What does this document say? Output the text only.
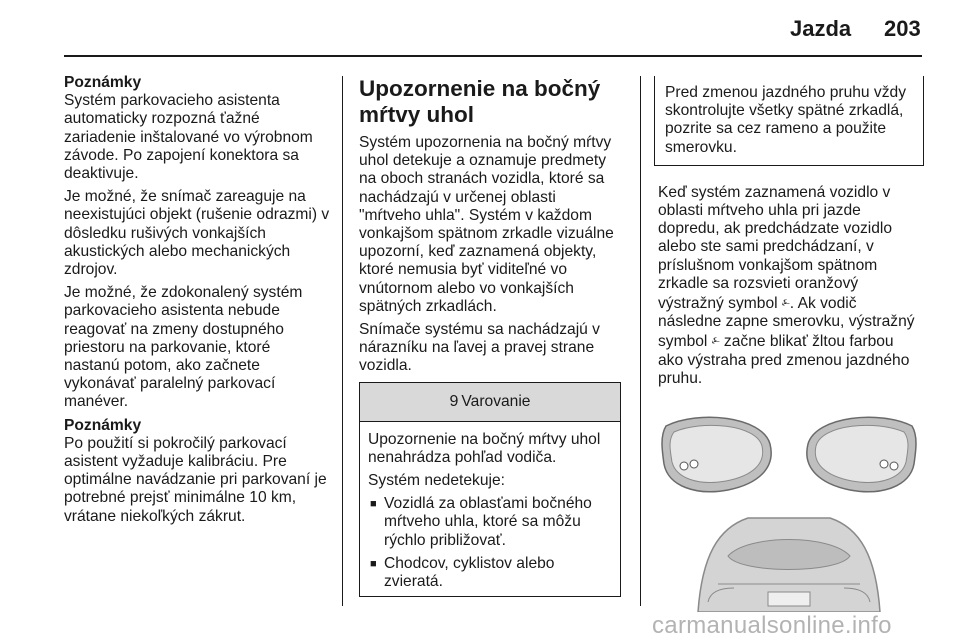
Jazda 203
Poznámky

Systém parkovacieho asistenta automaticky rozpozná ťažné zariadenie inštalované vo výrobnom závode. Po zapojení konektora sa deaktivuje.

Je možné, že snímač zareaguje na neexistujúci objekt (rušenie odrazmi) v dôsledku rušivých vonkajších akustických alebo mechanických zdrojov.

Je možné, že zdokonalený systém parkovacieho asistenta nebude reagovať na zmeny dostupného priestoru na parkovanie, ktoré nastanú potom, ako začnete vykonávať paralelný parkovací manéver.

Poznámky

Po použití si pokročilý parkovací asistent vyžaduje kalibráciu. Pre optimálne navádzanie pri parkovaní je potrebné prejsť minimálne 10 km, vrátane niekoľkých zákrut.

Upozornenie na bočný mŕtvy uhol

Systém upozornenia na bočný mŕtvy uhol detekuje a oznamuje predmety na oboch stranách vozidla, ktoré sa nachádzajú v určenej oblasti "mŕtveho uhla". Systém v každom vonkajšom spätnom zrkadle vizuálne upozorní, keď zaznamená objekty, ktoré nemusia byť viditeľné vo vnútornom alebo vo vonkajších spätných zrkadlách.

Snímače systému sa nachádzajú v nárazníku na ľavej a pravej strane vozidla.

9 Varovanie

Upozornenie na bočný mŕtvy uhol nenahrádza pohľad vodiča.

Systém nedetekuje:

■ Vozidlá za oblasťami bočného mŕtveho uhla, ktoré sa môžu rýchlo približovať.
■ Chodcov, cyklistov alebo zvieratá.
Pred zmenou jazdného pruhu vždy skontrolujte všetky spätné zrkadlá, pozrite sa cez rameno a použite smerovku.

Keď systém zaznamená vozidlo v oblasti mŕtveho uhla pri jazde dopredu, ak predchádzate vozidlo alebo ste sami predchádzaní, v príslušnom vonkajšom spätnom zrkadle sa rozsvieti oranžový výstražný symbol ⍼. Ak vodič následne zapne smerovku, výstražný symbol ⍼ začne blikať žltou farbou ako výstraha pred zmenou jazdného pruhu.

carmanualsonline.info
